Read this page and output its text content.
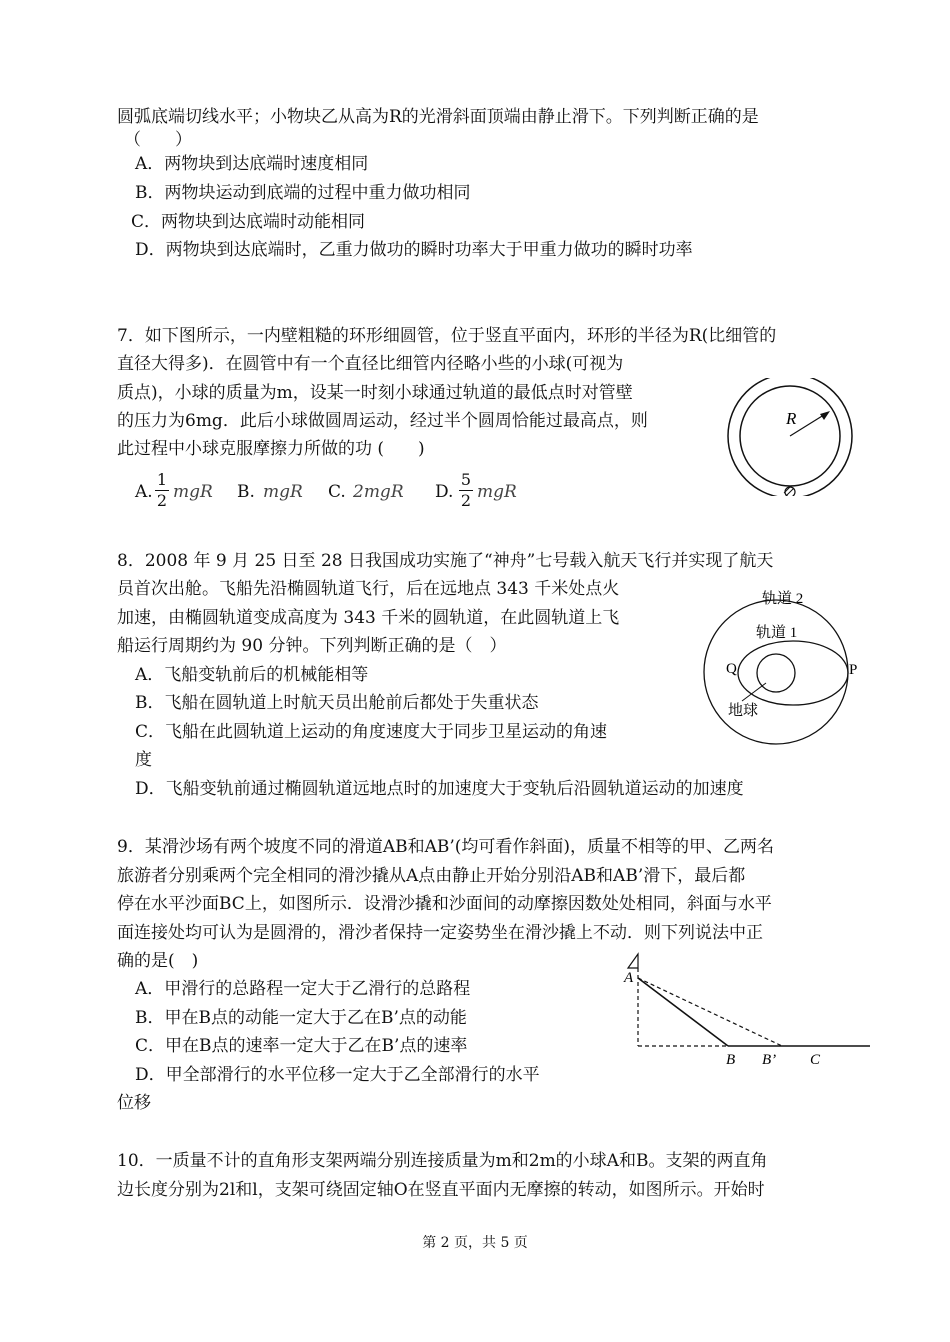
圆弧底端切线水平；小物块乙从高为R的光滑斜面顶端由静止滑下。下列判断正确的是
（　　）
A．两物块到达底端时速度相同
B．两物块运动到底端的过程中重力做功相同
C．两物块到达底端时动能相同
D．两物块到达底端时，乙重力做功的瞬时功率大于甲重力做功的瞬时功率
7．如下图所示，一内壁粗糙的环形细圆管，位于竖直平面内，环形的半径为R(比细管的
直径大得多)．在圆管中有一个直径比细管内径略小些的小球(可视为
质点)，小球的质量为m，设某一时刻小球通过轨道的最低点时对管壁
的压力为6mg．此后小球做圆周运动，经过半个圆周恰能过最高点，则
此过程中小球克服摩擦力所做的功 (　　)
A.
1
2 mgR B. mgR C. 2mgR D.
5
2 mgR
R
8．2008 年 9 月 25 日至 28 日我国成功实施了“神舟”七号载入航天飞行并实现了航天
员首次出舱。飞船先沿椭圆轨道飞行，后在远地点 343 千米处点火
加速，由椭圆轨道变成高度为 343 千米的圆轨道，在此圆轨道上飞
船运行周期约为 90 分钟。下列判断正确的是（　）
A．飞船变轨前后的机械能相等
B．飞船在圆轨道上时航天员出舱前后都处于失重状态
C．飞船在此圆轨道上运动的角度速度大于同步卫星运动的角速
度
D．飞船变轨前通过椭圆轨道远地点时的加速度大于变轨后沿圆轨道运动的加速度
轨道 2
轨道 1
Q	P
地球
9．某滑沙场有两个坡度不同的滑道AB和AB’(均可看作斜面)，质量不相等的甲、乙两名
旅游者分别乘两个完全相同的滑沙撬从A点由静止开始分别沿AB和AB’滑下，最后都
停在水平沙面BC上，如图所示．设滑沙撬和沙面间的动摩擦因数处处相同，斜面与水平
面连接处均可认为是圆滑的，滑沙者保持一定姿势坐在滑沙撬上不动．则下列说法中正
确的是(　)
A．甲滑行的总路程一定大于乙滑行的总路程
B．甲在B点的动能一定大于乙在B’点的动能
C．甲在B点的速率一定大于乙在B’点的速率
D．甲全部滑行的水平位移一定大于乙全部滑行的水平
位移
A
B B’ C
10．一质量不计的直角形支架两端分别连接质量为m和2m的小球A和B。支架的两直角
边长度分别为2l和l，支架可绕固定轴O在竖直平面内无摩擦的转动，如图所示。开始时
第 2 页，共 5 页
